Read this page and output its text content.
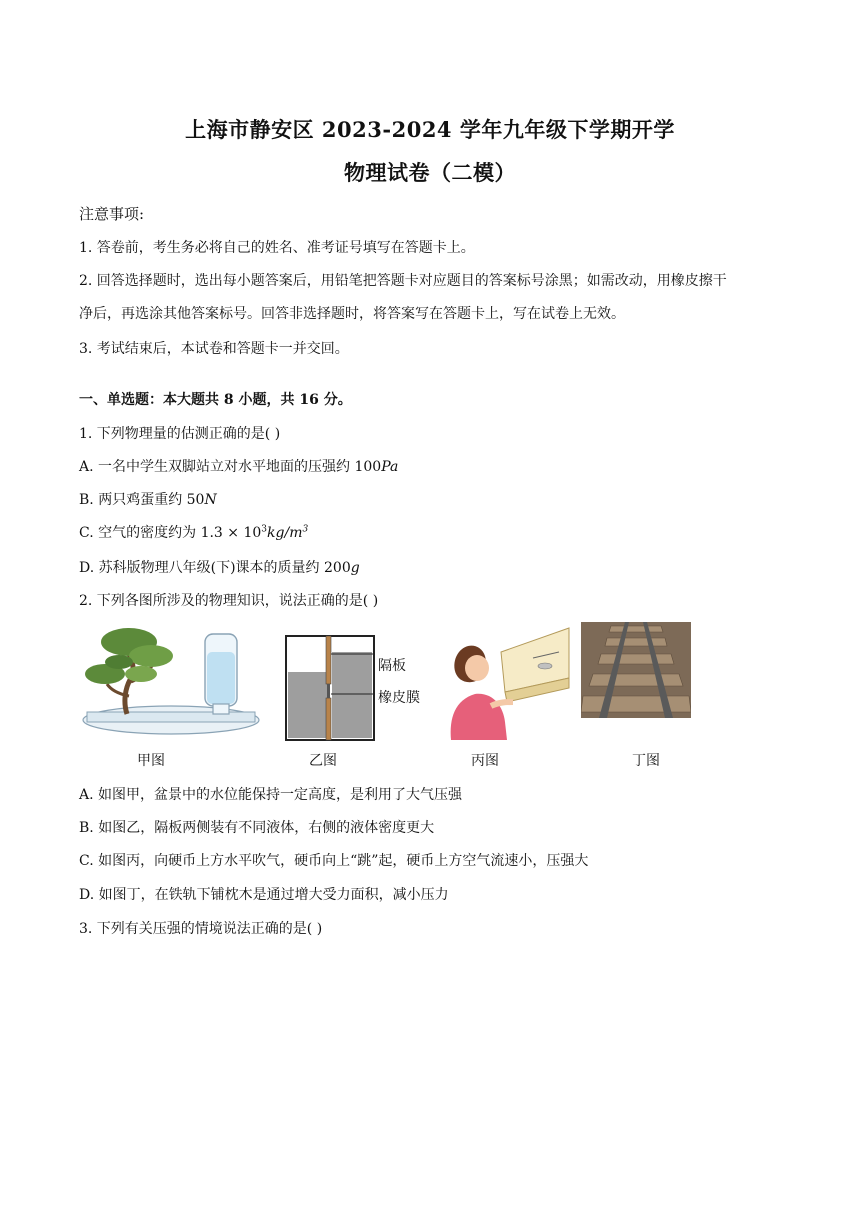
上海市静安区 2023-2024 学年九年级下学期开学
物理试卷（二模）
注意事项:
1. 答卷前，考生务必将自己的姓名、准考证号填写在答题卡上。
2. 回答选择题时，选出每小题答案后，用铅笔把答题卡对应题目的答案标号涂黑；如需改动，用橡皮擦干
净后，再选涂其他答案标号。回答非选择题时，将答案写在答题卡上，写在试卷上无效。
3. 考试结束后，本试卷和答题卡一并交回。
一、单选题：本大题共 8 小题，共 16 分。
1. 下列物理量的估测正确的是( )
A. 一名中学生双脚站立对水平地面的压强约 100Pa
B. 两只鸡蛋重约 50N
C. 空气的密度约为 $1.3 \times 10^3kg/m^3$
D. 苏科版物理八年级(下)课本的质量约 200g
2. 下列各图所涉及的物理知识，说法正确的是( )
隔板
橡皮膜
甲图	乙图	丙图	丁图
A. 如图甲，盆景中的水位能保持一定高度，是利用了大气压强
B. 如图乙，隔板两侧装有不同液体，右侧的液体密度更大
C. 如图丙，向硬币上方水平吹气，硬币向上“跳”起，硬币上方空气流速小，压强大
D. 如图丁，在铁轨下铺枕木是通过增大受力面积，减小压力
3. 下列有关压强的情境说法正确的是( )
